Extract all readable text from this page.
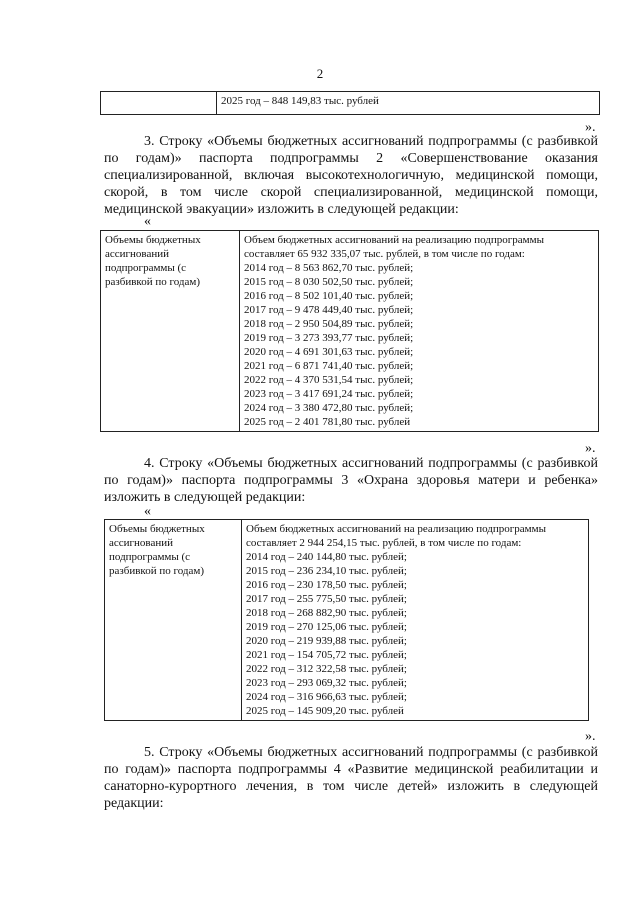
2
	2025 год – 848 149,83 тыс. рублей
».

3. Строку «Объемы бюджетных ассигнований подпрограммы (с разбивкой по годам)» паспорта подпрограммы 2 «Совершенствование оказания специализированной, включая высокотехнологичную, медицинской помощи, скорой, в том числе скорой специализированной, медицинской помощи, медицинской эвакуации» изложить в следующей редакции:

«
Объемы бюджетных ассигнований подпрограммы (с разбивкой по годам)	
Объем бюджетных ассигнований на реализацию подпрограммы составляет 65 932 335,07 тыс. рублей, в том числе по годам:
2014 год – 8 563 862,70 тыс. рублей;
2015 год – 8 030 502,50 тыс. рублей;
2016 год – 8 502 101,40 тыс. рублей;
2017 год – 9 478 449,40 тыс. рублей;
2018 год – 2 950 504,89 тыс. рублей;
2019 год – 3 273 393,77 тыс. рублей;
2020 год – 4 691 301,63 тыс. рублей;
2021 год – 6 871 741,40 тыс. рублей;
2022 год – 4 370 531,54 тыс. рублей;
2023 год – 3 417 691,24 тыс. рублей;
2024 год – 3 380 472,80 тыс. рублей;
2025 год – 2 401 781,80 тыс. рублей
».

4. Строку «Объемы бюджетных ассигнований подпрограммы (с разбивкой по годам)» паспорта подпрограммы 3 «Охрана здоровья матери и ребенка» изложить в следующей редакции:

«
Объемы бюджетных ассигнований подпрограммы (с разбивкой по годам)	
Объем бюджетных ассигнований на реализацию подпрограммы составляет 2 944 254,15 тыс. рублей, в том числе по годам:
2014 год – 240 144,80 тыс. рублей;
2015 год – 236 234,10 тыс. рублей;
2016 год – 230 178,50 тыс. рублей;
2017 год – 255 775,50 тыс. рублей;
2018 год – 268 882,90 тыс. рублей;
2019 год – 270 125,06 тыс. рублей;
2020 год – 219 939,88 тыс. рублей;
2021 год – 154 705,72 тыс. рублей;
2022 год – 312 322,58 тыс. рублей;
2023 год – 293 069,32 тыс. рублей;
2024 год – 316 966,63 тыс. рублей;
2025 год – 145 909,20 тыс. рублей
».

5. Строку «Объемы бюджетных ассигнований подпрограммы (с разбивкой по годам)» паспорта подпрограммы 4 «Развитие медицинской реабилитации и санаторно-курортного лечения, в том числе детей» изложить в следующей редакции:
